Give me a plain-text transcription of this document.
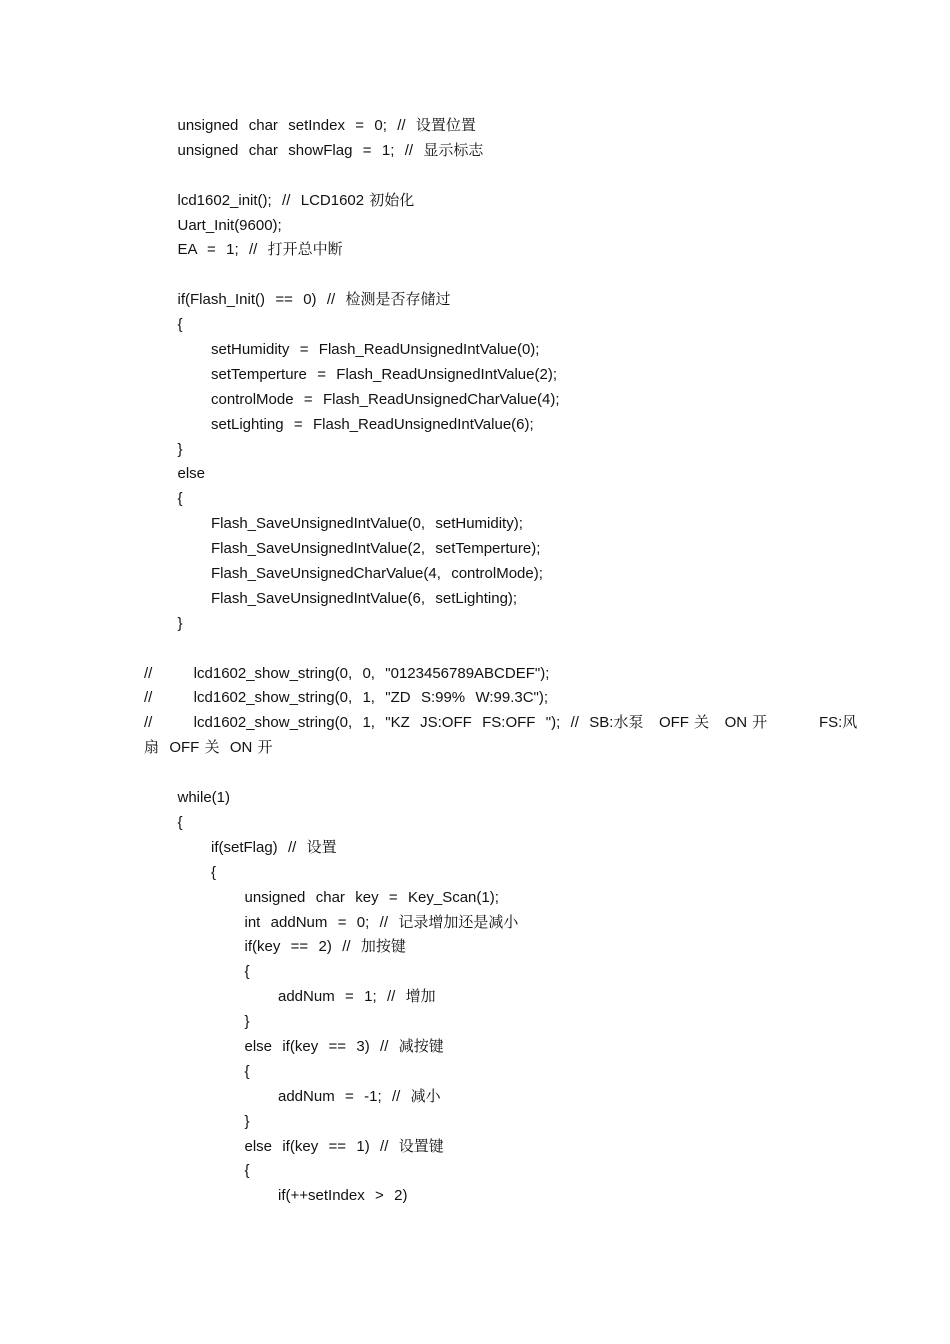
unsigned  char  setIndex  =  0;  //  设置位置
unsigned  char  showFlag  =  1;  //  显示标志
lcd1602_init();  //  LCD1602 初始化
Uart_Init(9600);
EA  =  1;  //  打开总中断
if(Flash_Init()  ==  0)  //  检测是否存储过
{
setHumidity  =  Flash_ReadUnsignedIntValue(0);
setTemperture  =  Flash_ReadUnsignedIntValue(2);
controlMode  =  Flash_ReadUnsignedCharValue(4);
setLighting  =  Flash_ReadUnsignedIntValue(6);
}
else
{
Flash_SaveUnsignedIntValue(0,  setHumidity);
Flash_SaveUnsignedIntValue(2,  setTemperture);
Flash_SaveUnsignedCharValue(4,  controlMode);
Flash_SaveUnsignedIntValue(6,  setLighting);
}
//        lcd1602_show_string(0,  0,  "0123456789ABCDEF");
//        lcd1602_show_string(0,  1,  "ZD  S:99%  W:99.3C");
//        lcd1602_show_string(0,  1,  "KZ  JS:OFF  FS:OFF  ");  //  SB:水泵   OFF 关   ON 开          FS:风
扇  OFF 关  ON 开
while(1)
{
if(setFlag)  //  设置
{
unsigned  char  key  =  Key_Scan(1);
int  addNum  =  0;  //  记录增加还是减小
if(key  ==  2)  //  加按键
{
addNum  =  1;  //  增加
}
else  if(key  ==  3)  //  减按键
{
addNum  =  -1;  //  减小
}
else  if(key  ==  1)  //  设置键
{
if(++setIndex  >  2)
